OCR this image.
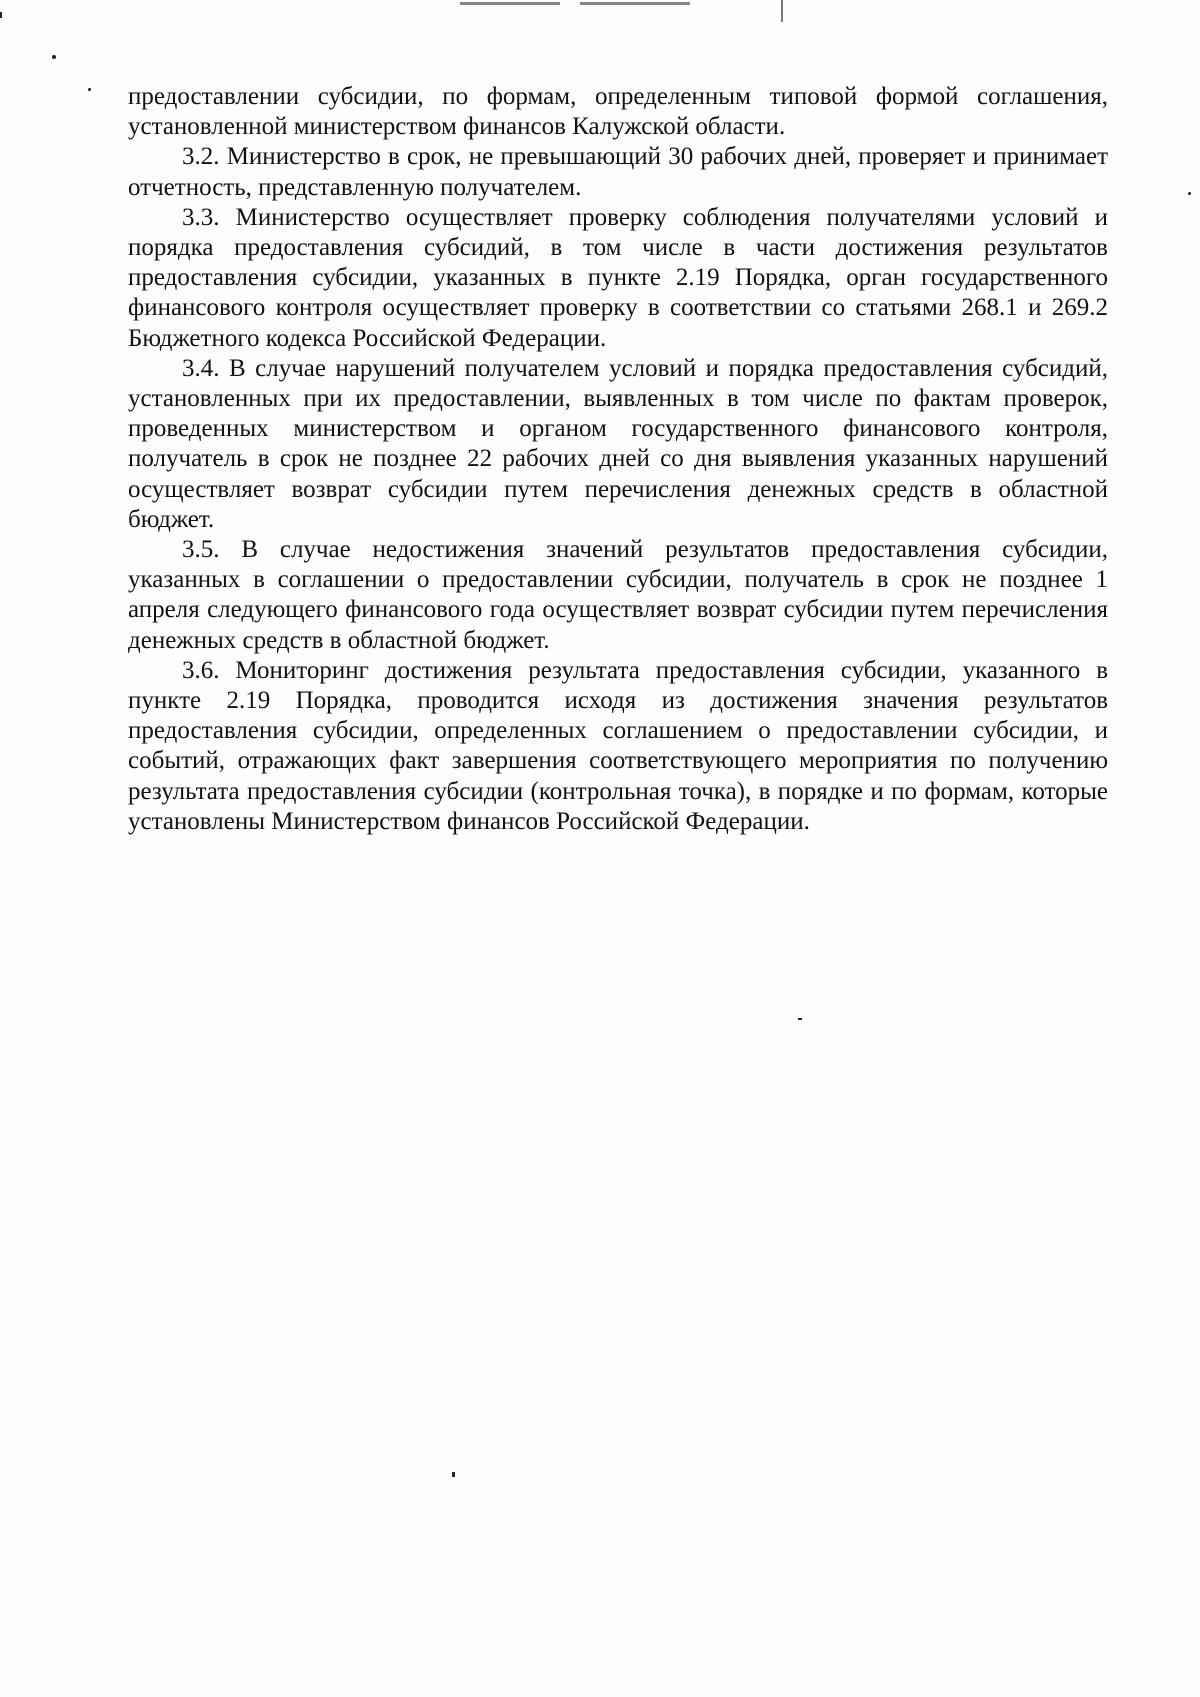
предоставлении субсидии, по формам, определенным типовой формой соглашения, установленной министерством финансов Калужской области.

3.2. Министерство в срок, не превышающий 30 рабочих дней, проверяет и принимает отчетность, представленную получателем.

3.3. Министерство осуществляет проверку соблюдения получателями условий и порядка предоставления субсидий, в том числе в части достижения результатов предоставления субсидии, указанных в пункте 2.19 Порядка, орган государственного финансового контроля осуществляет проверку в соответствии со статьями 268.1 и 269.2 Бюджетного кодекса Российской Федерации.

3.4. В случае нарушений получателем условий и порядка предоставления субсидий, установленных при их предоставлении, выявленных в том числе по фактам проверок, проведенных министерством и органом государственного финансового контроля, получатель в срок не позднее 22 рабочих дней со дня выявления указанных нарушений осуществляет возврат субсидии путем перечисления денежных средств в областной бюджет.

3.5. В случае недостижения значений результатов предоставления субсидии, указанных в соглашении о предоставлении субсидии, получатель в срок не позднее 1 апреля следующего финансового года осуществляет возврат субсидии путем перечисления денежных средств в областной бюджет.

3.6. Мониторинг достижения результата предоставления субсидии, указанного в пункте 2.19 Порядка, проводится исходя из достижения значения результатов предоставления субсидии, определенных соглашением о предоставлении субсидии, и событий, отражающих факт завершения соответствующего мероприятия по получению результата предоставления субсидии (контрольная точка), в порядке и по формам, которые установлены Министерством финансов Российской Федерации.
